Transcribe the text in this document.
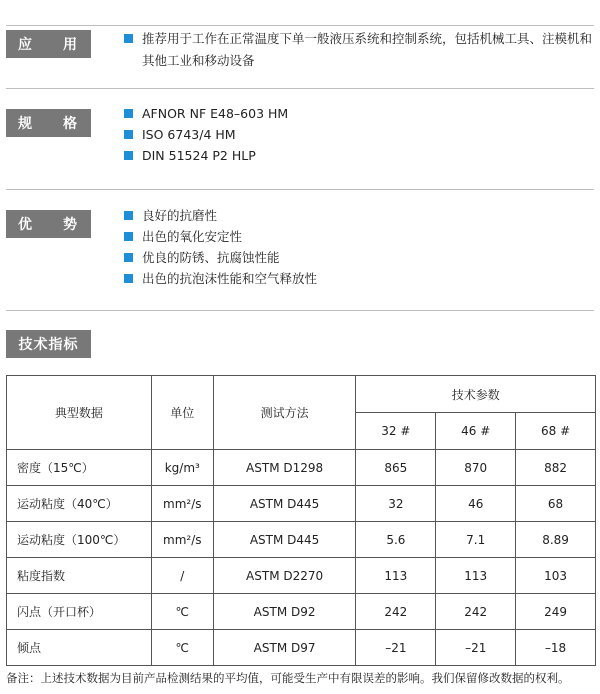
应 用	推荐用于工作在正常温度下单一般液压系统和控制系统，包括机械工具、注模机和其他工业和移动设备
规 格
AFNOR NF E48–603 HM
ISO 6743/4 HM
DIN 51524 P2 HLP
优 势
良好的抗磨性
出色的氧化安定性
优良的防锈、抗腐蚀性能
出色的抗泡沫性能和空气释放性
技术指标
典型数据	单位	测试方法	技术参数		
			32 #	46 #	68 #
密度（15℃）	kg/m³	ASTM D1298	865	870	882
运动粘度（40℃）	mm²/s	ASTM D445	32	46	68
运动粘度（100℃）	mm²/s	ASTM D445	5.6	7.1	8.89
粘度指数	/	ASTM D2270	113	113	103
闪点（开口杯）	℃	ASTM D92	242	242	249
倾点	℃	ASTM D97	–21	–21	–18
备注：上述技术数据为目前产品检测结果的平均值，可能受生产中有限误差的影响。我们保留修改数据的权利。
